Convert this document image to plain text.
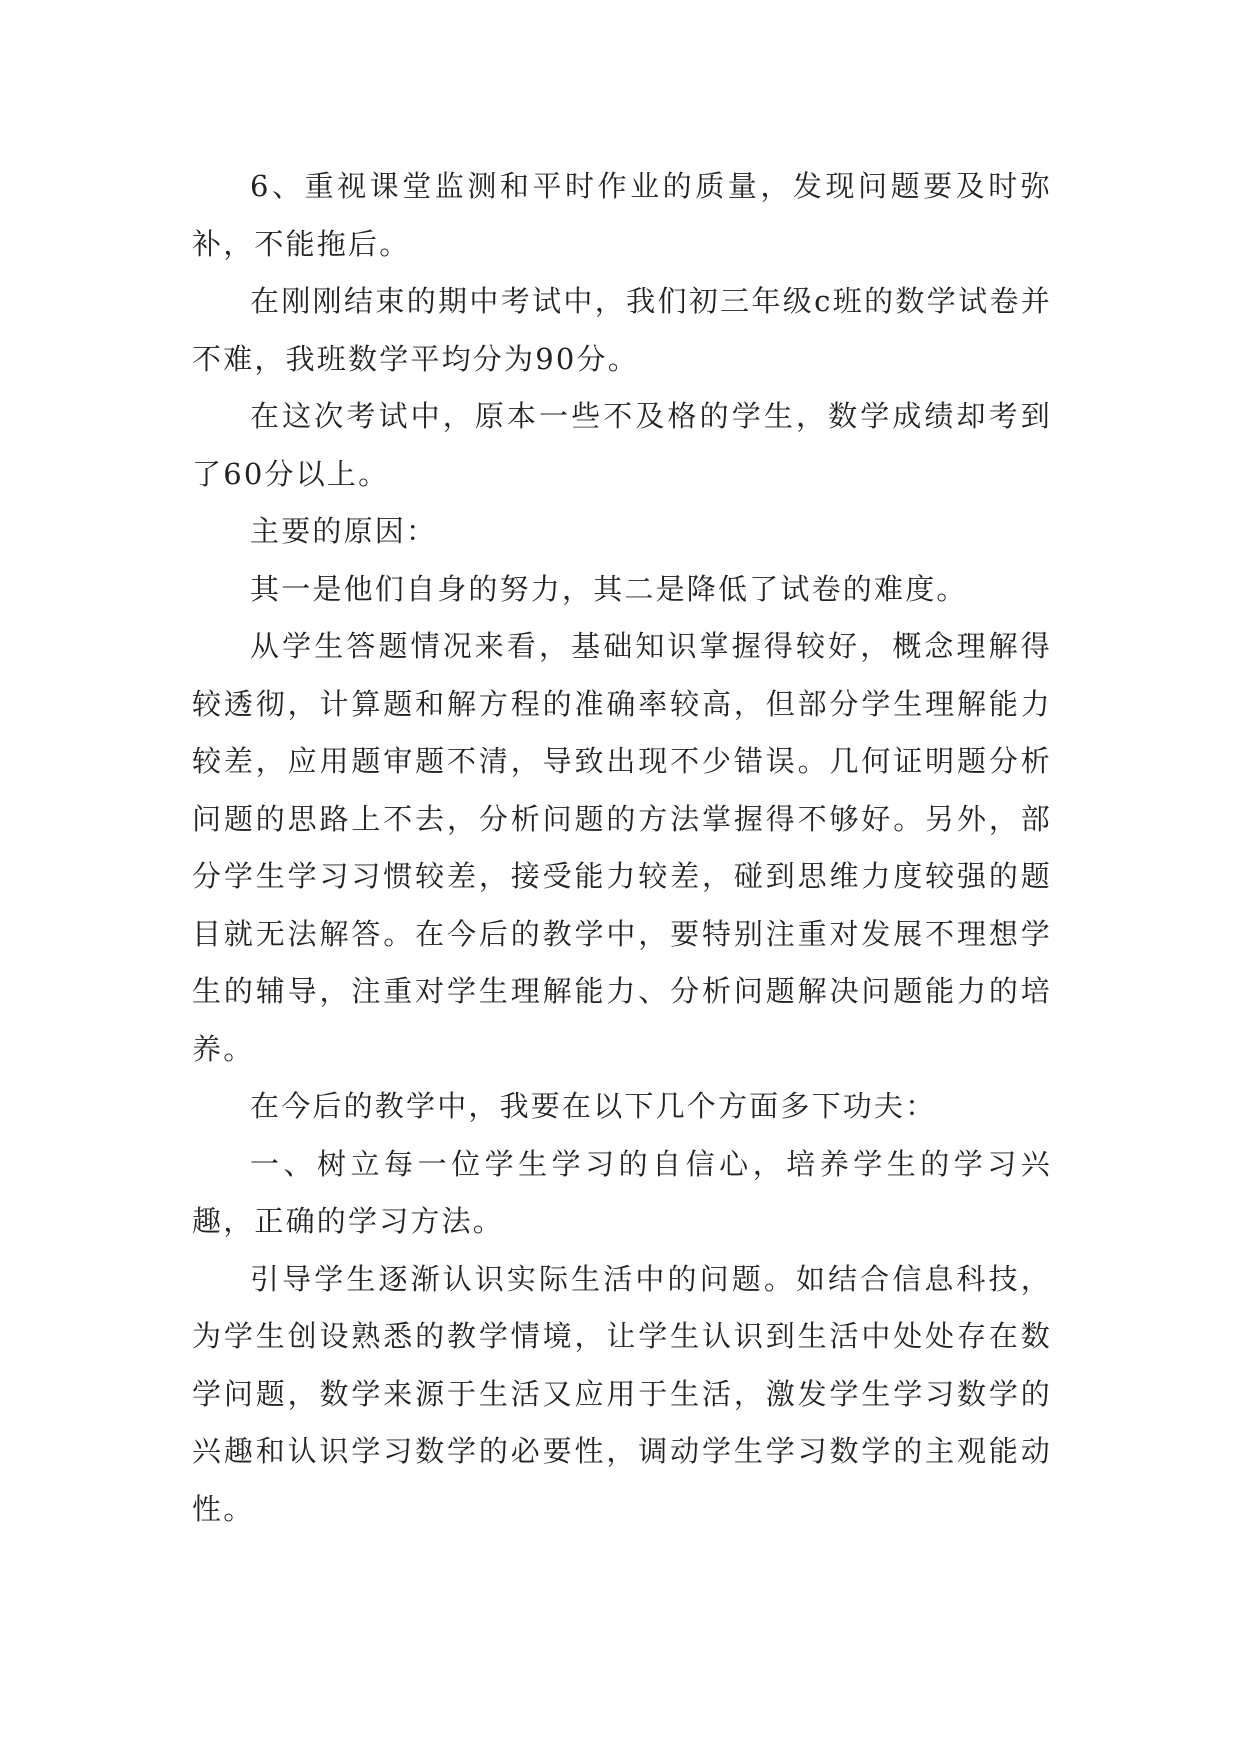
6、重视课堂监测和平时作业的质量，发现问题要及时弥补，不能拖后。

在刚刚结束的期中考试中，我们初三年级c班的数学试卷并不难，我班数学平均分为90分。

在这次考试中，原本一些不及格的学生，数学成绩却考到了60分以上。

主要的原因：

其一是他们自身的努力，其二是降低了试卷的难度。

从学生答题情况来看，基础知识掌握得较好，概念理解得较透彻，计算题和解方程的准确率较高，但部分学生理解能力较差，应用题审题不清，导致出现不少错误。几何证明题分析问题的思路上不去，分析问题的方法掌握得不够好。另外，部分学生学习习惯较差，接受能力较差，碰到思维力度较强的题目就无法解答。在今后的教学中，要特别注重对发展不理想学生的辅导，注重对学生理解能力、分析问题解决问题能力的培养。

在今后的教学中，我要在以下几个方面多下功夫：

一、树立每一位学生学习的自信心，培养学生的学习兴趣，正确的学习方法。

引导学生逐渐认识实际生活中的问题。如结合信息科技，为学生创设熟悉的教学情境，让学生认识到生活中处处存在数学问题，数学来源于生活又应用于生活，激发学生学习数学的兴趣和认识学习数学的必要性，调动学生学习数学的主观能动性。
